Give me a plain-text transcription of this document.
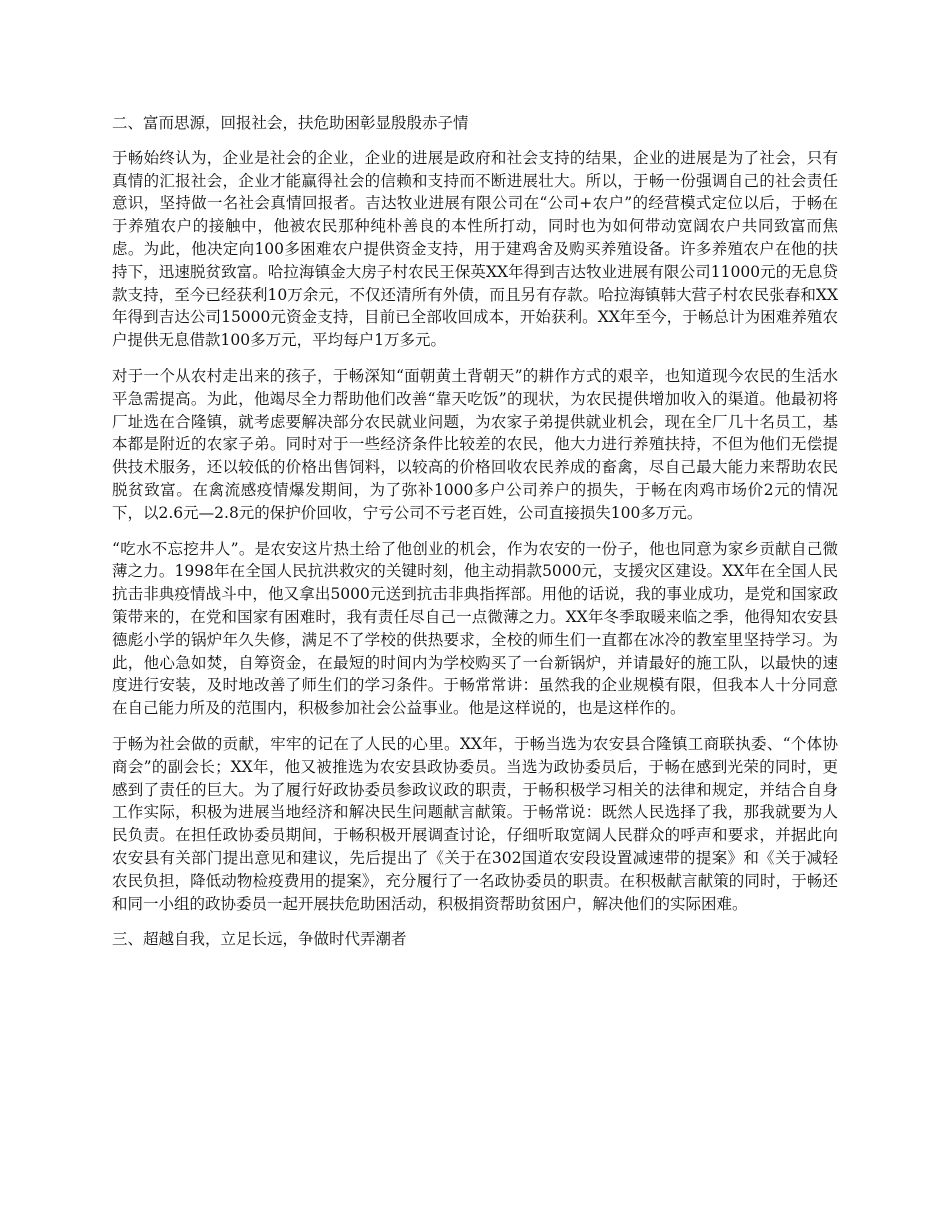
二、富而思源，回报社会，扶危助困彰显殷殷赤子情

于畅始终认为，企业是社会的企业，企业的进展是政府和社会支持的结果，企业的进展是为了社会，只有真情的汇报社会，企业才能赢得社会的信赖和支持而不断进展壮大。所以，于畅一份强调自己的社会责任意识，坚持做一名社会真情回报者。吉达牧业进展有限公司在“公司+农户”的经营模式定位以后，于畅在于养殖农户的接触中，他被农民那种纯朴善良的本性所打动，同时也为如何带动宽阔农户共同致富而焦虑。为此，他决定向100多困难农户提供资金支持，用于建鸡舍及购买养殖设备。许多养殖农户在他的扶持下，迅速脱贫致富。哈拉海镇金大房子村农民王保英XX年得到吉达牧业进展有限公司11000元的无息贷款支持，至今已经获利10万余元，不仅还清所有外债，而且另有存款。哈拉海镇韩大营子村农民张春和XX年得到吉达公司15000元资金支持，目前已全部收回成本，开始获利。XX年至今，于畅总计为困难养殖农户提供无息借款100多万元，平均每户1万多元。

对于一个从农村走出来的孩子，于畅深知“面朝黄土背朝天”的耕作方式的艰辛，也知道现今农民的生活水平急需提高。为此，他竭尽全力帮助他们改善“靠天吃饭”的现状，为农民提供增加收入的渠道。他最初将厂址选在合隆镇，就考虑要解决部分农民就业问题，为农家子弟提供就业机会，现在全厂几十名员工，基本都是附近的农家子弟。同时对于一些经济条件比较差的农民，他大力进行养殖扶持，不但为他们无偿提供技术服务，还以较低的价格出售饲料，以较高的价格回收农民养成的畜禽，尽自己最大能力来帮助农民脱贫致富。在禽流感疫情爆发期间，为了弥补1000多户公司养户的损失，于畅在肉鸡市场价2元的情况下，以2.6元—2.8元的保护价回收，宁亏公司不亏老百姓，公司直接损失100多万元。

“吃水不忘挖井人”。是农安这片热土给了他创业的机会，作为农安的一份子，他也同意为家乡贡献自己微薄之力。1998年在全国人民抗洪救灾的关键时刻，他主动捐款5000元，支援灾区建设。XX年在全国人民抗击非典疫情战斗中，他又拿出5000元送到抗击非典指挥部。用他的话说，我的事业成功，是党和国家政策带来的，在党和国家有困难时，我有责任尽自己一点微薄之力。XX年冬季取暖来临之季，他得知农安县德彪小学的锅炉年久失修，满足不了学校的供热要求，全校的师生们一直都在冰冷的教室里坚持学习。为此，他心急如焚，自筹资金，在最短的时间内为学校购买了一台新锅炉，并请最好的施工队，以最快的速度进行安装，及时地改善了师生们的学习条件。于畅常常讲：虽然我的企业规模有限，但我本人十分同意在自己能力所及的范围内，积极参加社会公益事业。他是这样说的，也是这样作的。

于畅为社会做的贡献，牢牢的记在了人民的心里。XX年，于畅当选为农安县合隆镇工商联执委、“个体协商会”的副会长；XX年，他又被推选为农安县政协委员。当选为政协委员后，于畅在感到光荣的同时，更感到了责任的巨大。为了履行好政协委员参政议政的职责，于畅积极学习相关的法律和规定，并结合自身工作实际，积极为进展当地经济和解决民生问题献言献策。于畅常说：既然人民选择了我，那我就要为人民负责。在担任政协委员期间，于畅积极开展调查讨论，仔细听取宽阔人民群众的呼声和要求，并据此向农安县有关部门提出意见和建议，先后提出了《关于在302国道农安段设置减速带的提案》和《关于减轻农民负担，降低动物检疫费用的提案》，充分履行了一名政协委员的职责。在积极献言献策的同时，于畅还和同一小组的政协委员一起开展扶危助困活动，积极捐资帮助贫困户，解决他们的实际困难。

三、超越自我，立足长远，争做时代弄潮者
